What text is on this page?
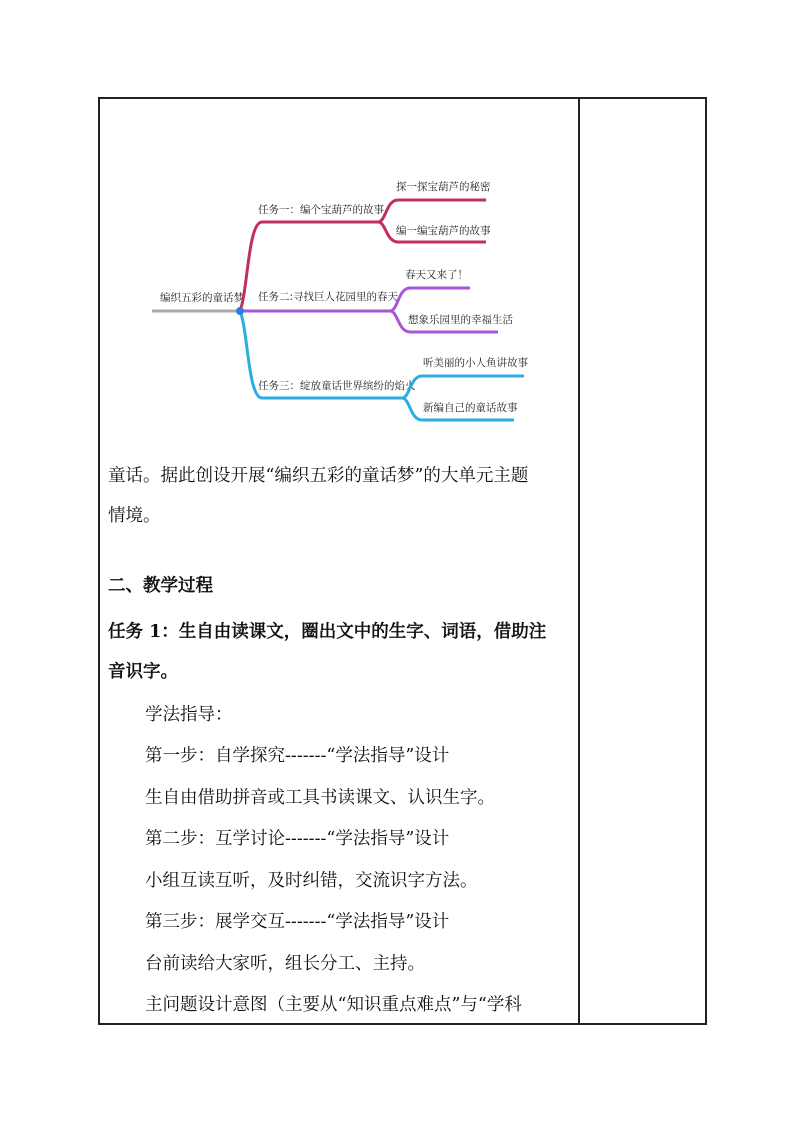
编织五彩的童话梦
任务一：编个宝葫芦的故事
探一探宝葫芦的秘密
编一编宝葫芦的故事
任务二:寻找巨人花园里的春天
春天又来了！
想象乐园里的幸福生活
任务三：绽放童话世界缤纷的焰火
听美丽的小人鱼讲故事
新编自己的童话故事
童话。据此创设开展“编织五彩的童话梦”的大单元主题
情境。
二、教学过程
任务 1：生自由读课文，圈出文中的生字、词语，借助注
音识字。
学法指导：
第一步：自学探究-------“学法指导”设计
生自由借助拼音或工具书读课文、认识生字。
第二步：互学讨论-------“学法指导”设计
小组互读互听，及时纠错，交流识字方法。
第三步：展学交互-------“学法指导”设计
台前读给大家听，组长分工、主持。
主问题设计意图（主要从“知识重点难点”与“学科
